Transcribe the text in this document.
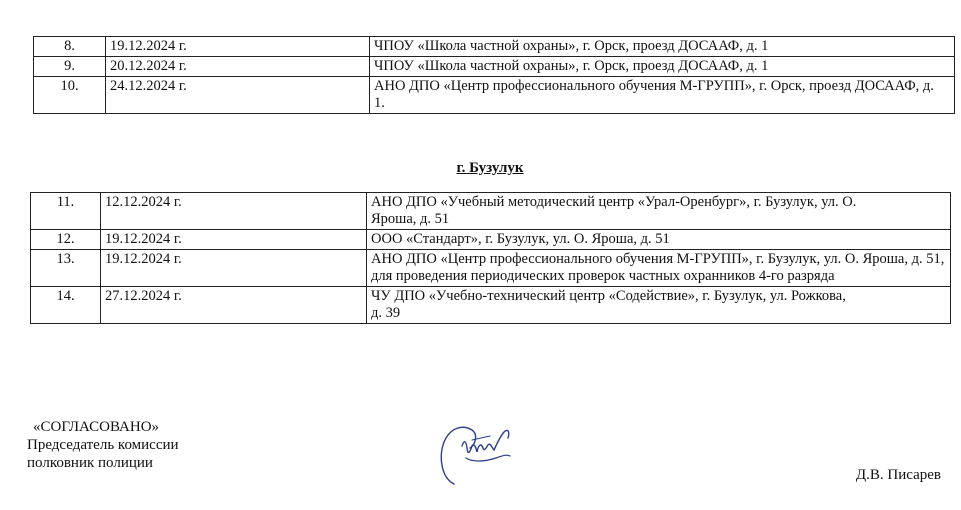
8.	19.12.2024 г.	ЧПОУ «Школа частной охраны», г. Орск, проезд ДОСААФ, д. 1
9.	20.12.2024 г.	ЧПОУ «Школа частной охраны», г. Орск, проезд ДОСААФ, д. 1
10.	24.12.2024 г.	АНО ДПО «Центр профессионального обучения М-ГРУПП», г. Орск, проезд ДОСААФ, д. 1.
г. Бузулук
11.	12.12.2024 г.	АНО ДПО «Учебный методический центр «Урал-Оренбург», г. Бузулук, ул. О. Яроша, д. 51
12.	19.12.2024 г.	ООО «Стандарт», г. Бузулук, ул. О. Яроша, д. 51
13.	19.12.2024 г.	АНО ДПО «Центр профессионального обучения М-ГРУПП», г. Бузулук, ул. О. Яроша, д. 51, для проведения периодических проверок частных охранников 4-го разряда
14.	27.12.2024 г.	ЧУ ДПО «Учебно-технический центр «Содействие», г. Бузулук, ул. Рожкова, д. 39
«СОГЛАСОВАНО»
Председатель комиссии
полковник полиции
Д.В. Писарев
